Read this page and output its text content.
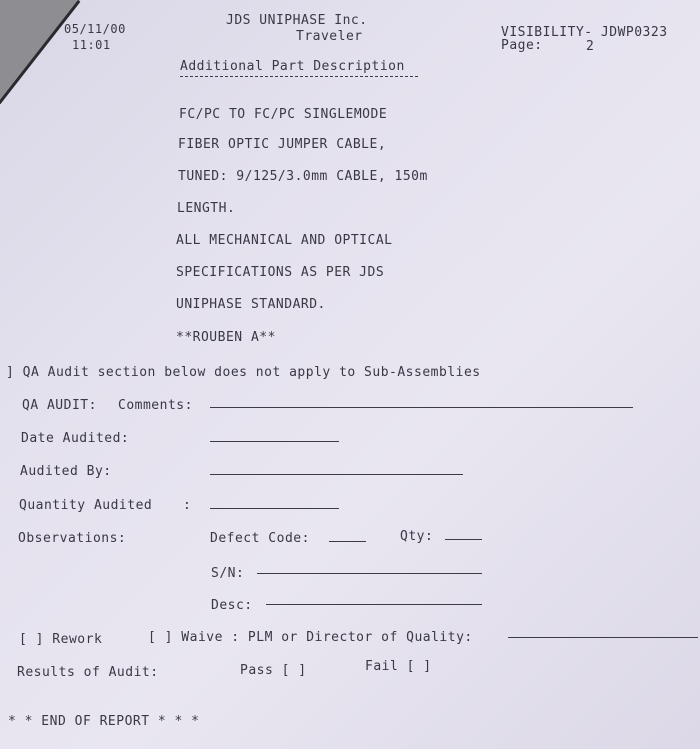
05/11/00
11:01
JDS UNIPHASE Inc.
Traveler	VISIBILITY- JDWP0323
Page:	2
Additional Part Description
FC/PC TO FC/PC SINGLEMODE
FIBER OPTIC JUMPER CABLE,
TUNED: 9/125/3.0mm CABLE, 150m
LENGTH.
ALL MECHANICAL AND OPTICAL
SPECIFICATIONS AS PER JDS
UNIPHASE STANDARD.
**ROUBEN A**
] QA Audit section below does not apply to Sub-Assemblies
QA AUDIT: Comments:
Date Audited:
Audited By:
Quantity Audited :
Observations:	Defect Code:	Qty:
S/N:
Desc:
[ ] Rework	[ ] Waive : PLM or Director of Quality:
Results of Audit:	Pass [ ]	Fail [ ]
* * END OF REPORT * * *
